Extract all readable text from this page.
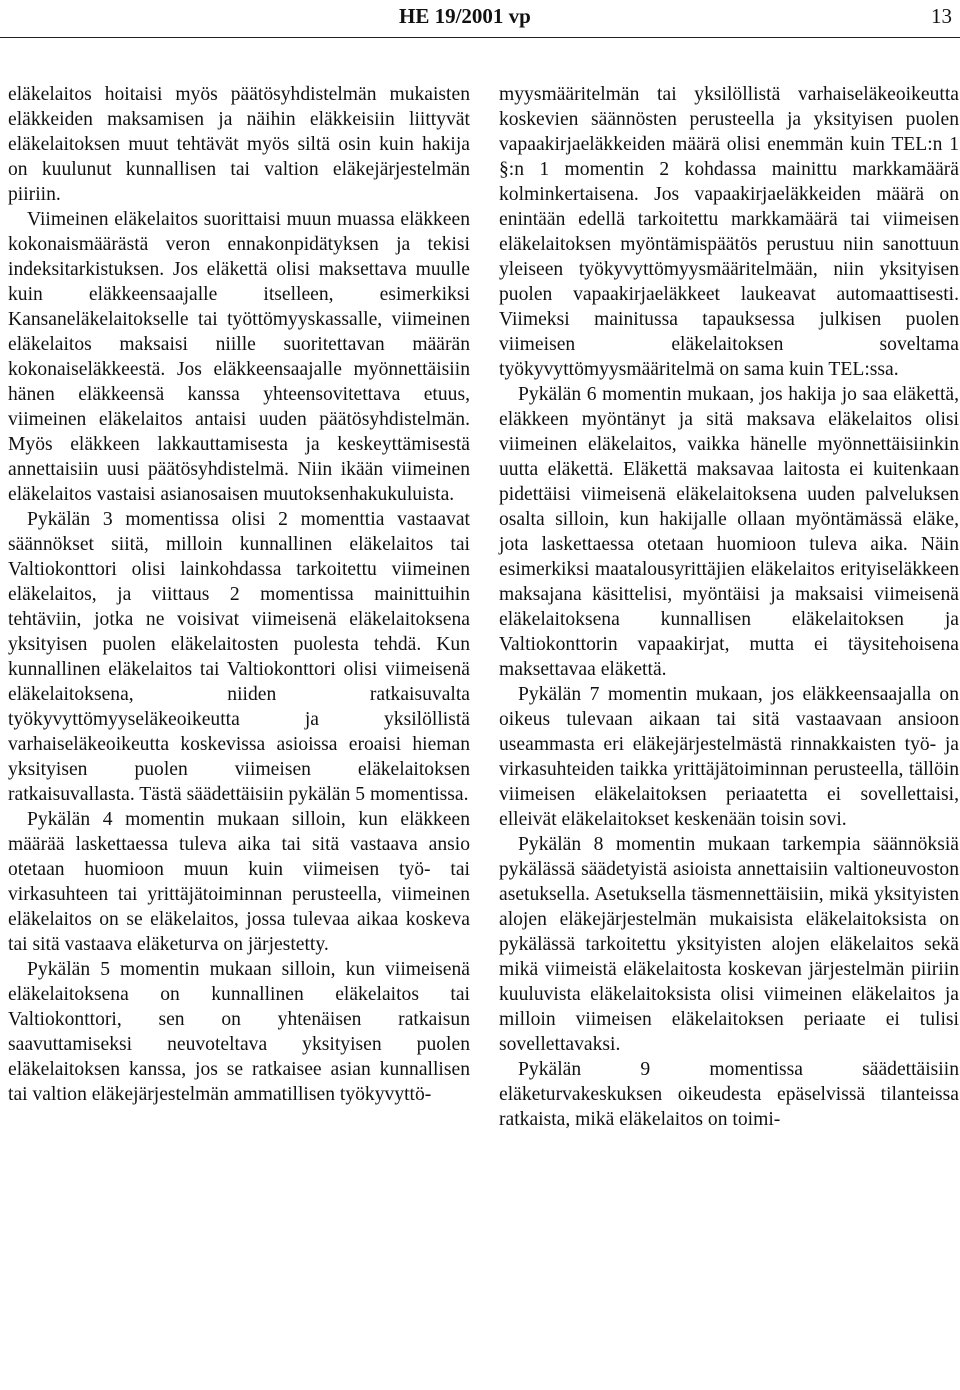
HE 19/2001 vp	13

eläkelaitos hoitaisi myös päätösyhdistelmän mukaisten eläkkeiden maksamisen ja näihin eläkkeisiin liittyvät eläkelaitoksen muut tehtävät myös siltä osin kuin hakija on kuulunut kunnallisen tai valtion eläkejärjestelmän piiriin.

Viimeinen eläkelaitos suorittaisi muun muassa eläkkeen kokonaismäärästä veron ennakonpidätyksen ja tekisi indeksitarkistuksen. Jos eläkettä olisi maksettava muulle kuin eläkkeensaajalle itselleen, esimerkiksi Kansaneläkelaitokselle tai työttömyyskassalle, viimeinen eläkelaitos maksaisi niille suoritettavan määrän kokonaiseläkkeestä. Jos eläkkeensaajalle myönnettäisiin hänen eläkkeensä kanssa yhteensovitettava etuus, viimeinen eläkelaitos antaisi uuden päätösyhdistelmän. Myös eläkkeen lakkauttamisesta ja keskeyttämisestä annettaisiin uusi päätösyhdistelmä. Niin ikään viimeinen eläkelaitos vastaisi asianosaisen muutoksenhakukuluista.

Pykälän 3 momentissa olisi 2 momenttia vastaavat säännökset siitä, milloin kunnallinen eläkelaitos tai Valtiokonttori olisi lainkohdassa tarkoitettu viimeinen eläkelaitos, ja viittaus 2 momentissa mainittuihin tehtäviin, jotka ne voisivat viimeisenä eläkelaitoksena yksityisen puolen eläkelaitosten puolesta tehdä. Kun kunnallinen eläkelaitos tai Valtiokonttori olisi viimeisenä eläkelaitoksena, niiden ratkaisuvalta työkyvyttömyyseläkeoikeutta ja yksilöllistä varhaiseläkeoikeutta koskevissa asioissa eroaisi hieman yksityisen puolen viimeisen eläkelaitoksen ratkaisuvallasta. Tästä säädettäisiin pykälän 5 momentissa.

Pykälän 4 momentin mukaan silloin, kun eläkkeen määrää laskettaessa tuleva aika tai sitä vastaava ansio otetaan huomioon muun kuin viimeisen työ- tai virkasuhteen tai yrittäjätoiminnan perusteella, viimeinen eläkelaitos on se eläkelaitos, jossa tulevaa aikaa koskeva tai sitä vastaava eläketurva on järjestetty.

Pykälän 5 momentin mukaan silloin, kun viimeisenä eläkelaitoksena on kunnallinen eläkelaitos tai Valtiokonttori, sen on yhtenäisen ratkaisun saavuttamiseksi neuvoteltava yksityisen puolen eläkelaitoksen kanssa, jos se ratkaisee asian kunnallisen tai valtion eläkejärjestelmän ammatillisen työkyvyttö-

myysmääritelmän tai yksilöllistä varhaiseläkeoikeutta koskevien säännösten perusteella ja yksityisen puolen vapaakirjaeläkkeiden määrä olisi enemmän kuin TEL:n 1 §:n 1 momentin 2 kohdassa mainittu markkamäärä kolminkertaisena. Jos vapaakirjaeläkkeiden määrä on enintään edellä tarkoitettu markkamäärä tai viimeisen eläkelaitoksen myöntämispäätös perustuu niin sanottuun yleiseen työkyvyttömyysmääritelmään, niin yksityisen puolen vapaakirjaeläkkeet laukeavat automaattisesti. Viimeksi mainitussa tapauksessa julkisen puolen viimeisen eläkelaitoksen soveltama työkyvyttömyysmääritelmä on sama kuin TEL:ssa.

Pykälän 6 momentin mukaan, jos hakija jo saa eläkettä, eläkkeen myöntänyt ja sitä maksava eläkelaitos olisi viimeinen eläkelaitos, vaikka hänelle myönnettäisiinkin uutta eläkettä. Eläkettä maksavaa laitosta ei kuitenkaan pidettäisi viimeisenä eläkelaitoksena uuden palveluksen osalta silloin, kun hakijalle ollaan myöntämässä eläke, jota laskettaessa otetaan huomioon tuleva aika. Näin esimerkiksi maatalousyrittäjien eläkelaitos erityiseläkkeen maksajana käsittelisi, myöntäisi ja maksaisi viimeisenä eläkelaitoksena kunnallisen eläkelaitoksen ja Valtiokonttorin vapaakirjat, mutta ei täysitehoisena maksettavaa eläkettä.

Pykälän 7 momentin mukaan, jos eläkkeensaajalla on oikeus tulevaan aikaan tai sitä vastaavaan ansioon useammasta eri eläkejärjestelmästä rinnakkaisten työ- ja virkasuhteiden taikka yrittäjätoiminnan perusteella, tällöin viimeisen eläkelaitoksen periaatetta ei sovellettaisi, elleivät eläkelaitokset keskenään toisin sovi.

Pykälän 8 momentin mukaan tarkempia säännöksiä pykälässä säädetyistä asioista annettaisiin valtioneuvoston asetuksella. Asetuksella täsmennettäisiin, mikä yksityisten alojen eläkejärjestelmän mukaisista eläkelaitoksista on pykälässä tarkoitettu yksityisten alojen eläkelaitos sekä mikä viimeistä eläkelaitosta koskevan järjestelmän piiriin kuuluvista eläkelaitoksista olisi viimeinen eläkelaitos ja milloin viimeisen eläkelaitoksen periaate ei tulisi sovellettavaksi.

Pykälän 9 momentissa säädettäisiin eläketurvakeskuksen oikeudesta epäselvissä tilanteissa ratkaista, mikä eläkelaitos on toimi-
